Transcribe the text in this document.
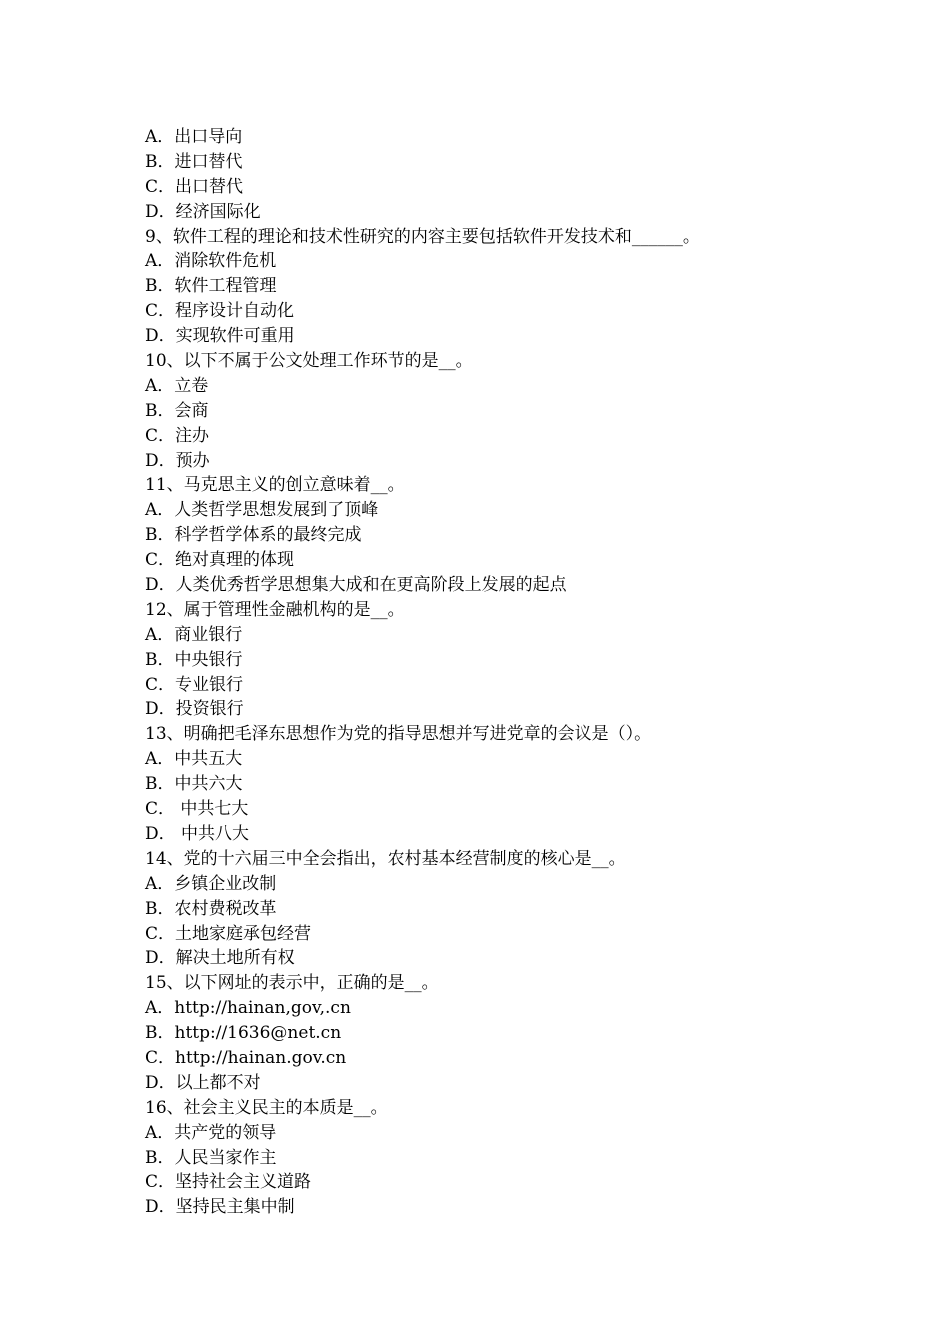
A．出口导向
B．进口替代
C．出口替代
D．经济国际化
9、软件工程的理论和技术性研究的内容主要包括软件开发技术和______。
A．消除软件危机
B．软件工程管理
C．程序设计自动化
D．实现软件可重用
10、以下不属于公文处理工作环节的是__。
A．立卷
B．会商
C．注办
D．预办
11、马克思主义的创立意味着__。
A．人类哲学思想发展到了顶峰
B．科学哲学体系的最终完成
C．绝对真理的体现
D．人类优秀哲学思想集大成和在更高阶段上发展的起点
12、属于管理性金融机构的是__。
A．商业银行
B．中央银行
C．专业银行
D．投资银行
13、明确把毛泽东思想作为党的指导思想并写进党章的会议是（）。
A．中共五大
B．中共六大
C． 中共七大
D． 中共八大
14、党的十六届三中全会指出，农村基本经营制度的核心是__。
A．乡镇企业改制
B．农村费税改革
C．土地家庭承包经营
D．解决土地所有权
15、以下网址的表示中，正确的是__。
A．http://hainan,gov,.cn
B．http://1636@net.cn
C．http://hainan.gov.cn
D．以上都不对
16、社会主义民主的本质是__。
A．共产党的领导
B．人民当家作主
C．坚持社会主义道路
D．坚持民主集中制
